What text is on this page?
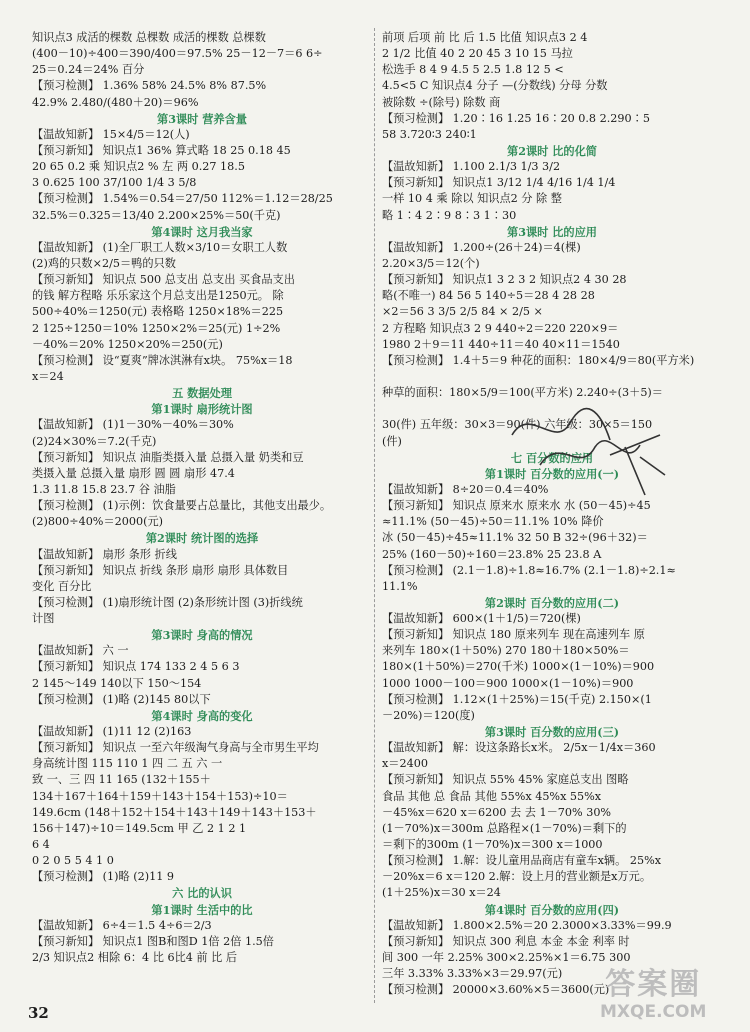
知识点3 成活的棵数 总棵数 成活的棵数 总棵数
(400－10)÷400＝390/400＝97.5% 25－12－7＝6 6÷
25＝0.24＝24% 百分
【预习检测】 1.36% 58% 24.5% 8% 87.5%
42.9% 2.480/(480＋20)＝96%
第3课时 营养含量
【温故知新】 15×4/5＝12(人)
【预习新知】 知识点1 36% 算式略 18 25 0.18 45
20 65 0.2 乘 知识点2 % 左 两 0.27 18.5
3 0.625 100 37/100 1/4 3 5/8
【预习检测】 1.54%＝0.54＝27/50 112%＝1.12＝28/25
32.5%＝0.325＝13/40 2.200×25%＝50(千克)
第4课时 这月我当家
【温故知新】 (1)全厂职工人数×3/10＝女职工人数
(2)鸡的只数×2/5＝鸭的只数
【预习新知】 知识点 500 总支出 总支出 买食品支出
的钱 解方程略 乐乐家这个月总支出是1250元。 除
500÷40%＝1250(元) 表格略 1250×18%＝225
2 125÷1250＝10% 1250×2%＝25(元) 1÷2%
－40%＝20% 1250×20%＝250(元)
【预习检测】 设“夏爽”牌冰淇淋有x块。 75%x＝18
x＝24
五 数据处理
第1课时 扇形统计图
【温故知新】 (1)1－30%－40%＝30%
(2)24×30%＝7.2(千克)
【预习新知】 知识点 油脂类摄入量 总摄入量 奶类和豆
类摄入量 总摄入量 扇形 圆 圆 扇形 47.4
1.3 11.8 15.8 23.7 谷 油脂
【预习检测】 (1)示例：饮食量要占总量比，其他支出最少。
(2)800÷40%＝2000(元)
第2课时 统计图的选择
【温故知新】 扇形 条形 折线
【预习新知】 知识点 折线 条形 扇形 扇形 具体数目
变化 百分比
【预习检测】 (1)扇形统计图 (2)条形统计图 (3)折线统
计图
第3课时 身高的情况
【温故知新】 六 一
【预习新知】 知识点 174 133 2 4 5 6 3
2 145～149 140以下 150～154
【预习检测】 (1)略 (2)145 80以下
第4课时 身高的变化
【温故知新】 (1)11 12 (2)163
【预习新知】 知识点 一至六年级淘气身高与全市男生平均
身高统计图 115 110 1 四 二 五 六 一
致 一、三 四 11 165 (132＋155＋
134＋167＋164＋159＋143＋154＋153)÷10＝
149.6cm (148＋152＋154＋143＋149＋143＋153＋
156＋147)÷10＝149.5cm 甲 乙 2 1 2 1
6 4
0 2 0 5 5 4 1 0
【预习检测】 (1)略 (2)11 9
六 比的认识
第1课时 生活中的比
【温故知新】 6÷4＝1.5 4÷6＝2/3
【预习新知】 知识点1 图B和图D 1倍 2倍 1.5倍
2/3 知识点2 相除 6：4 比 6比4 前 比 后
前项 后项 前 比 后 1.5 比值 知识点3 2 4
2 1/2 比值 40 2 20 45 3 10 15 马拉
松选手 8 4 9 4.5 5 2.5 1.8 12 5 <
4.5<5 C 知识点4 分子 —(分数线) 分母 分数
被除数 ÷(除号) 除数 商
【预习检测】 1.20∶16 1.25 16∶20 0.8 2.290∶5
58 3.720∶3 240∶1
第2课时 比的化简
【温故知新】 1.100 2.1/3 1/3 3/2
【预习新知】 知识点1 3/12 1/4 4/16 1/4 1/4
一样 10 4 乘 除以 知识点2 分 除 整
略 1∶4 2∶9 8∶3 1∶30
第3课时 比的应用
【温故知新】 1.200÷(26＋24)＝4(棵)
2.20×3/5＝12(个)
【预习新知】 知识点1 3 2 3 2 知识点2 4 30 28
略(不唯一) 84 56 5 140÷5＝28 4 28 28
×2＝56 3 3/5 2/5 84 × 2/5 ×
2 方程略 知识点3 2 9 440÷2＝220 220×9＝
1980 2＋9＝11 440÷11＝40 40×11＝1540
【预习检测】 1.4＋5＝9 种花的面积：180×4/9＝80(平方米)
种草的面积：180×5/9＝100(平方米) 2.240÷(3＋5)＝
30(件) 五年级：30×3＝90(件) 六年级：30×5＝150
(件)
七 百分数的应用
第1课时 百分数的应用(一)
【温故知新】 8÷20＝0.4＝40%
【预习新知】 知识点 原来水 原来水 水 (50－45)÷45
≈11.1% (50－45)÷50＝11.1% 10% 降价
冰 (50－45)÷45≈11.1% 32 50 B 32÷(96＋32)＝
25% (160－50)÷160＝23.8% 25 23.8 A
【预习检测】 (2.1－1.8)÷1.8≈16.7% (2.1－1.8)÷2.1≈
11.1%
第2课时 百分数的应用(二)
【温故知新】 600×(1＋1/5)＝720(棵)
【预习新知】 知识点 180 原来列车 现在高速列车 原
来列车 180×(1＋50%) 270 180＋180×50%＝
180×(1＋50%)＝270(千米) 1000×(1－10%)＝900
1000 1000－100＝900 1000×(1－10%)＝900
【预习检测】 1.12×(1＋25%)＝15(千克) 2.150×(1
－20%)＝120(度)
第3课时 百分数的应用(三)
【温故知新】 解：设这条路长x米。 2/5x－1/4x＝360
x＝2400
【预习新知】 知识点 55% 45% 家庭总支出 图略
食品 其他 总 食品 其他 55%x 45%x 55%x
－45%x＝620 x＝6200 去 去 1－70% 30%
(1－70%)x＝300m 总路程×(1－70%)＝剩下的
＝剩下的300m (1－70%)x＝300 x＝1000
【预习检测】 1.解：设儿童用品商店有童车x辆。 25%x
－20%x＝6 x＝120 2.解：设上月的营业额是x万元。
(1＋25%)x＝30 x＝24
第4课时 百分数的应用(四)
【温故知新】 1.800×2.5%＝20 2.3000×3.33%＝99.9
【预习新知】 知识点 300 利息 本金 本金 利率 时
间 300 一年 2.25% 300×2.25%×1＝6.75 300
三年 3.33% 3.33%×3＝29.97(元)
【预习检测】 20000×3.60%×5＝3600(元)
32
答案圈
MXQE.COM
